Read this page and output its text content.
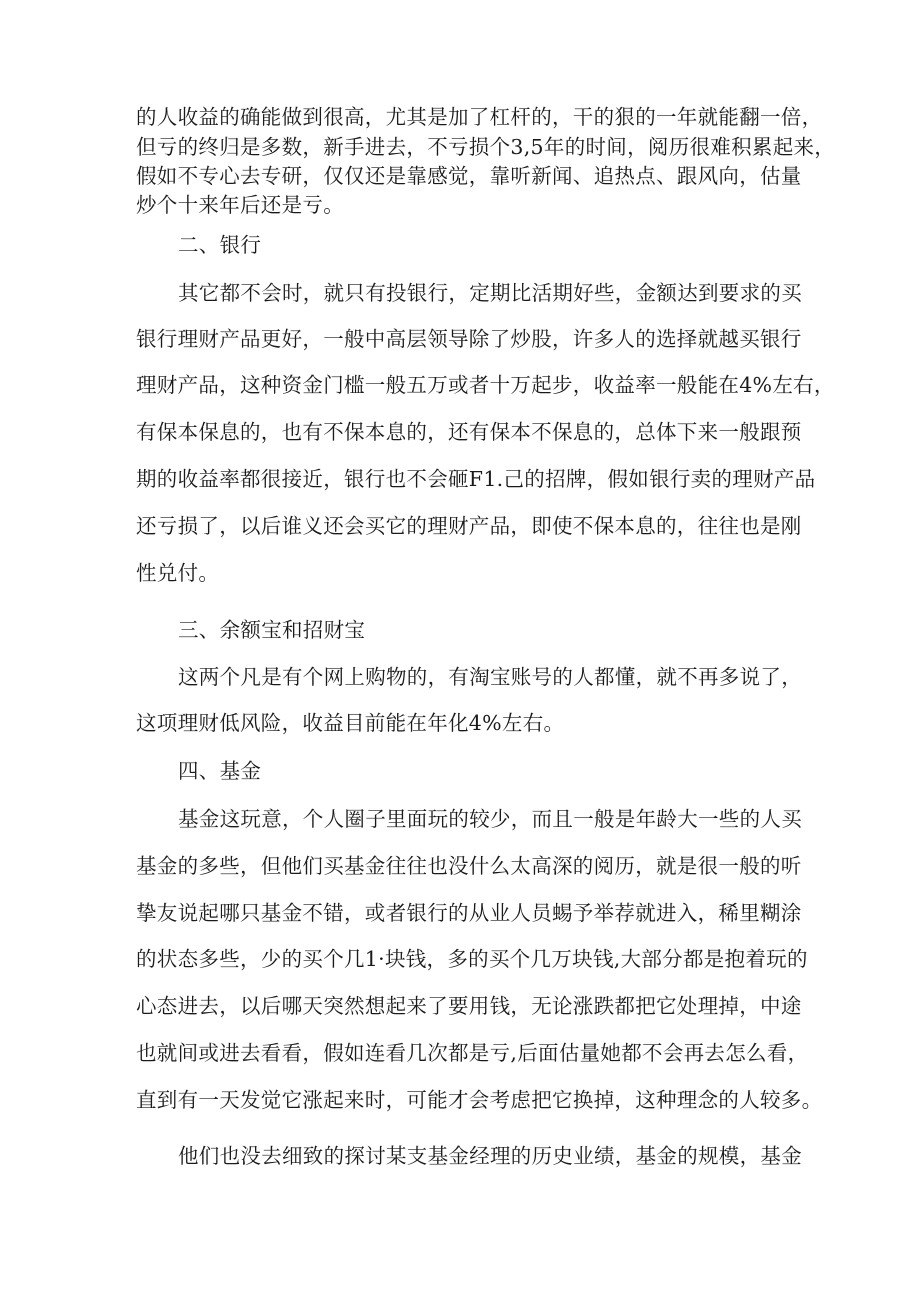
的人收益的确能做到很高，尤其是加了杠杆的，干的狠的一年就能翻一倍，
但亏的终归是多数，新手进去，不亏损个3,5年的时间，阅历很难积累起来，
假如不专心去专研，仅仅还是靠感觉，靠听新闻、追热点、跟风向，估量
炒个十来年后还是亏。
二、银行
其它都不会时，就只有投银行，定期比活期好些，金额达到要求的买
银行理财产品更好，一般中高层领导除了炒股，许多人的选择就越买银行
理财产品，这种资金门槛一般五万或者十万起步，收益率一般能在4%左右，
有保本保息的，也有不保本息的，还有保本不保息的，总体下来一般跟预
期的收益率都很接近，银行也不会砸F1.己的招牌，假如银行卖的理财产品
还亏损了，以后谁义还会买它的理财产品，即使不保本息的，往往也是刚
性兑付。
三、余额宝和招财宝
这两个凡是有个网上购物的，有淘宝账号的人都懂，就不再多说了，
这项理财低风险，收益目前能在年化4%左右。
四、基金
基金这玩意，个人圈子里面玩的较少，而且一般是年龄大一些的人买
基金的多些，但他们买基金往往也没什么太高深的阅历，就是很一般的听
挚友说起哪只基金不错，或者银行的从业人员蜴予举荐就进入，稀里糊涂
的状态多些，少的买个几1·块钱，多的买个几万块钱,大部分都是抱着玩的
心态进去，以后哪天突然想起来了要用钱，无论涨跌都把它处理掉，中途
也就间或进去看看，假如连看几次都是亏,后面估量她都不会再去怎么看，
直到有一天发觉它涨起来时，可能才会考虑把它换掉，这种理念的人较多。
他们也没去细致的探讨某支基金经理的历史业绩，基金的规模，基金
